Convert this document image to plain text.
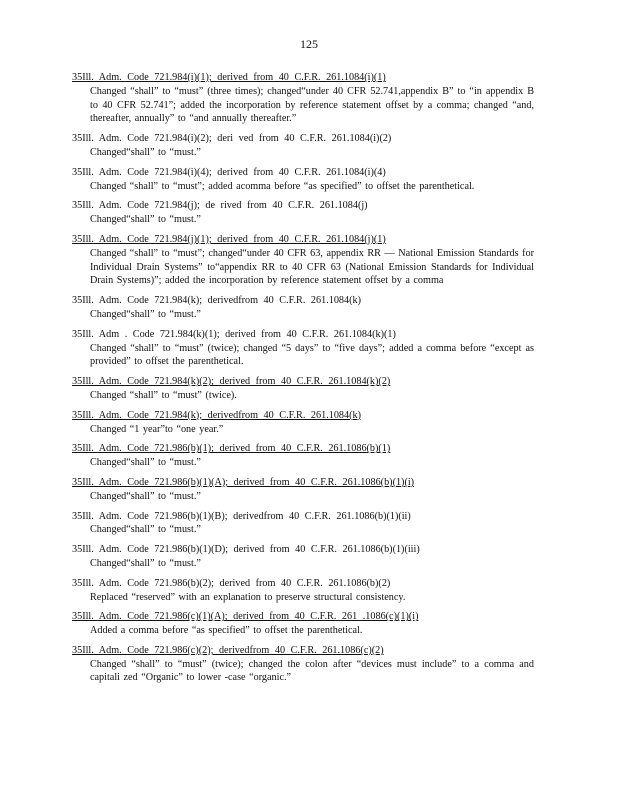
125
35Ill. Adm. Code 721.984(i)(1); derived from 40 C.F.R. 261.1084(i)(1)
Changed “shall” to “must” (three times); changed“under 40 CFR 52.741,appendix B” to “in appendix B to 40 CFR 52.741”; added the incorporation by reference statement offset by a comma; changed “and, thereafter, annually” to “and annually thereafter.”
35Ill. Adm. Code 721.984(i)(2); deri ved from 40 C.F.R. 261.1084(i)(2)
Changed“shall” to “must.”
35Ill. Adm. Code 721.984(i)(4); derived from 40 C.F.R. 261.1084(i)(4)
Changed “shall” to “must”; added acomma before “as specified” to offset the parenthetical.
35Ill. Adm. Code 721.984(j); de rived from 40 C.F.R. 261.1084(j)
Changed“shall” to “must.”
35Ill. Adm. Code 721.984(j)(1); derived from 40 C.F.R. 261.1084(j)(1)
Changed “shall” to “must”; changed“under 40 CFR 63, appendix RR — National Emission Standards for Individual Drain Systems” to“appendix RR to 40 CFR 63 (National Emission Standards for Individual Drain Systems)”; added the incorporation by reference statement offset by a comma
35Ill. Adm. Code 721.984(k); derivedfrom 40 C.F.R. 261.1084(k)
Changed“shall” to “must.”
35Ill. Adm . Code 721.984(k)(1); derived from 40 C.F.R. 261.1084(k)(1)
Changed “shall” to “must” (twice); changed “5 days” to “five days”; added a comma before “except as provided” to offset the parenthetical.
35Ill. Adm. Code 721.984(k)(2); derived from 40 C.F.R. 261.1084(k)(2)
Changed “shall” to “must” (twice).
35Ill. Adm. Code 721.984(k); derivedfrom 40 C.F.R. 261.1084(k)
Changed “1 year”to “one year.”
35Ill. Adm. Code 721.986(b)(1); derived from 40 C.F.R. 261.1086(b)(1)
Changed“shall” to “must.”
35Ill. Adm. Code 721.986(b)(1)(A); derived from 40 C.F.R. 261.1086(b)(1)(i)
Changed“shall” to “must.”
35Ill. Adm. Code 721.986(b)(1)(B); derivedfrom 40 C.F.R. 261.1086(b)(1)(ii)
Changed“shall” to “must.”
35Ill. Adm. Code 721.986(b)(1)(D); derived from 40 C.F.R. 261.1086(b)(1)(iii)
Changed“shall” to “must.”
35Ill. Adm. Code 721.986(b)(2); derived from 40 C.F.R. 261.1086(b)(2)
Replaced “reserved” with an explanation to preserve structural consistency.
35Ill. Adm. Code 721.986(c)(1)(A); derived from 40 C.F.R. 261 .1086(c)(1)(i)
Added a comma before “as specified” to offset the parenthetical.
35Ill. Adm. Code 721.986(c)(2); derivedfrom 40 C.F.R. 261.1086(c)(2)
Changed “shall” to “must” (twice); changed the colon after “devices must include” to a comma and capitali zed “Organic” to lower -case “organic.”
